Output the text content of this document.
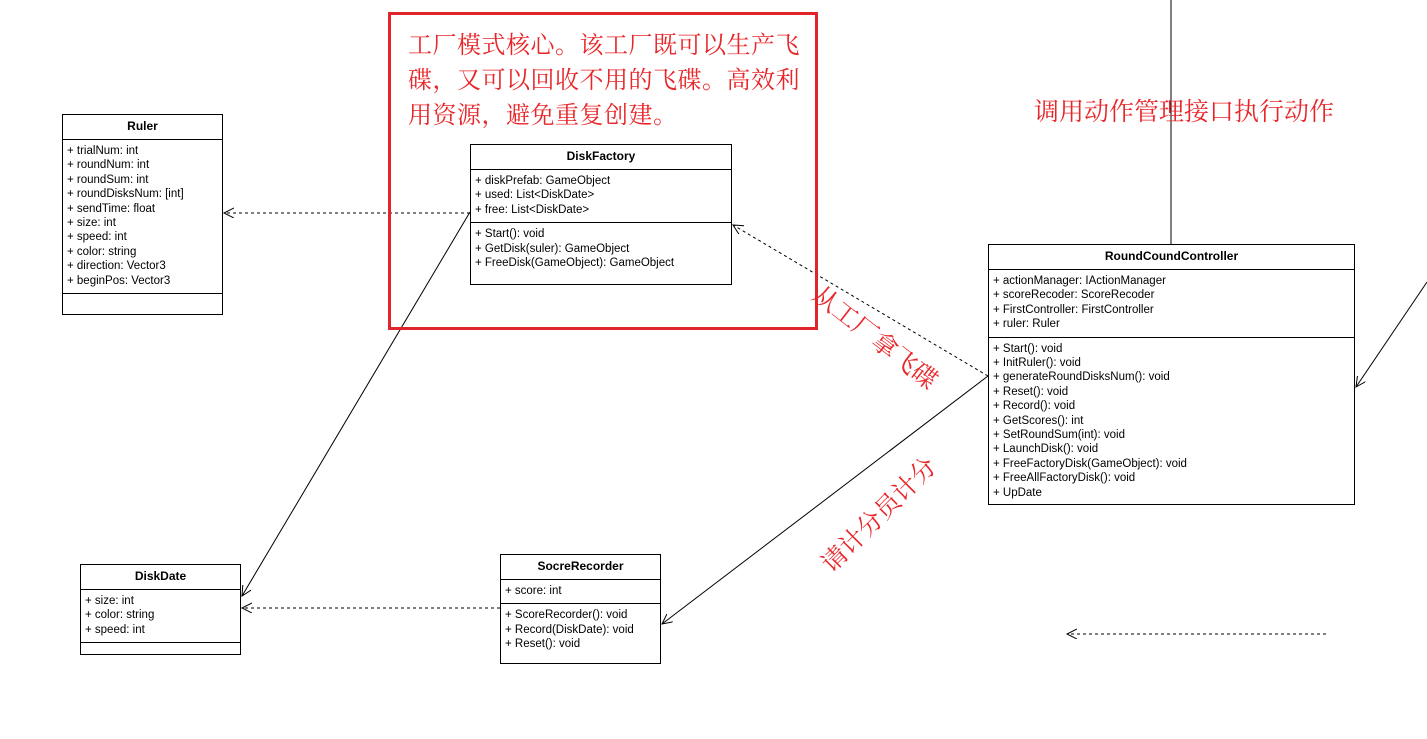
工厂模式核心。该工厂既可以生产飞碟，又可以回收不用的飞碟。高效利用资源，避免重复创建。	调用动作管理接口执行动作
从工厂拿飞碟
请计分员计分
Ruler
+ trialNum: int
+ roundNum: int
+ roundSum: int
+ roundDisksNum: [int]
+ sendTime: float
+ size: int
+ speed: int
+ color: string
+ direction: Vector3
+ beginPos: Vector3
DiskFactory
+ diskPrefab: GameObject
+ used: List<DiskDate>
+ free: List<DiskDate>
+ Start(): void
+ GetDisk(suler): GameObject
+ FreeDisk(GameObject): GameObject
RoundCoundController
+ actionManager: IActionManager
+ scoreRecoder: ScoreRecoder
+ FirstController: FirstController
+ ruler: Ruler
+ Start(): void
+ InitRuler(): void
+ generateRoundDisksNum(): void
+ Reset(): void
+ Record(): void
+ GetScores(): int
+ SetRoundSum(int): void
+ LaunchDisk(): void
+ FreeFactoryDisk(GameObject): void
+ FreeAllFactoryDisk(): void
+ UpDate
DiskDate
+ size: int
+ color: string
+ speed: int
SocreRecorder
+ score: int
+ ScoreRecorder(): void
+ Record(DiskDate): void
+ Reset(): void
